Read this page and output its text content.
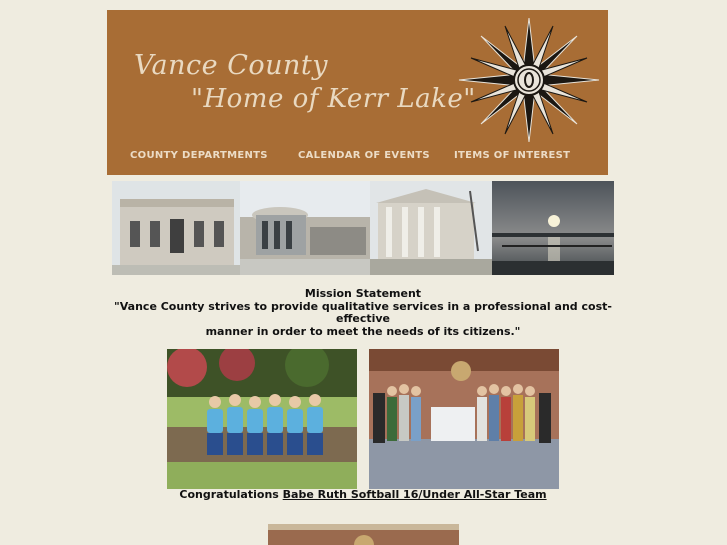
Vance County
"Home of Kerr Lake"
COUNTY DEPARTMENTS	CALENDAR OF EVENTS ITEMS OF INTEREST
Mission Statement
"Vance County strives to provide qualitative services in a professional and cost-effective
manner in order to meet the needs of its citizens."
Congratulations Babe Ruth Softball 16/Under All-Star Team
